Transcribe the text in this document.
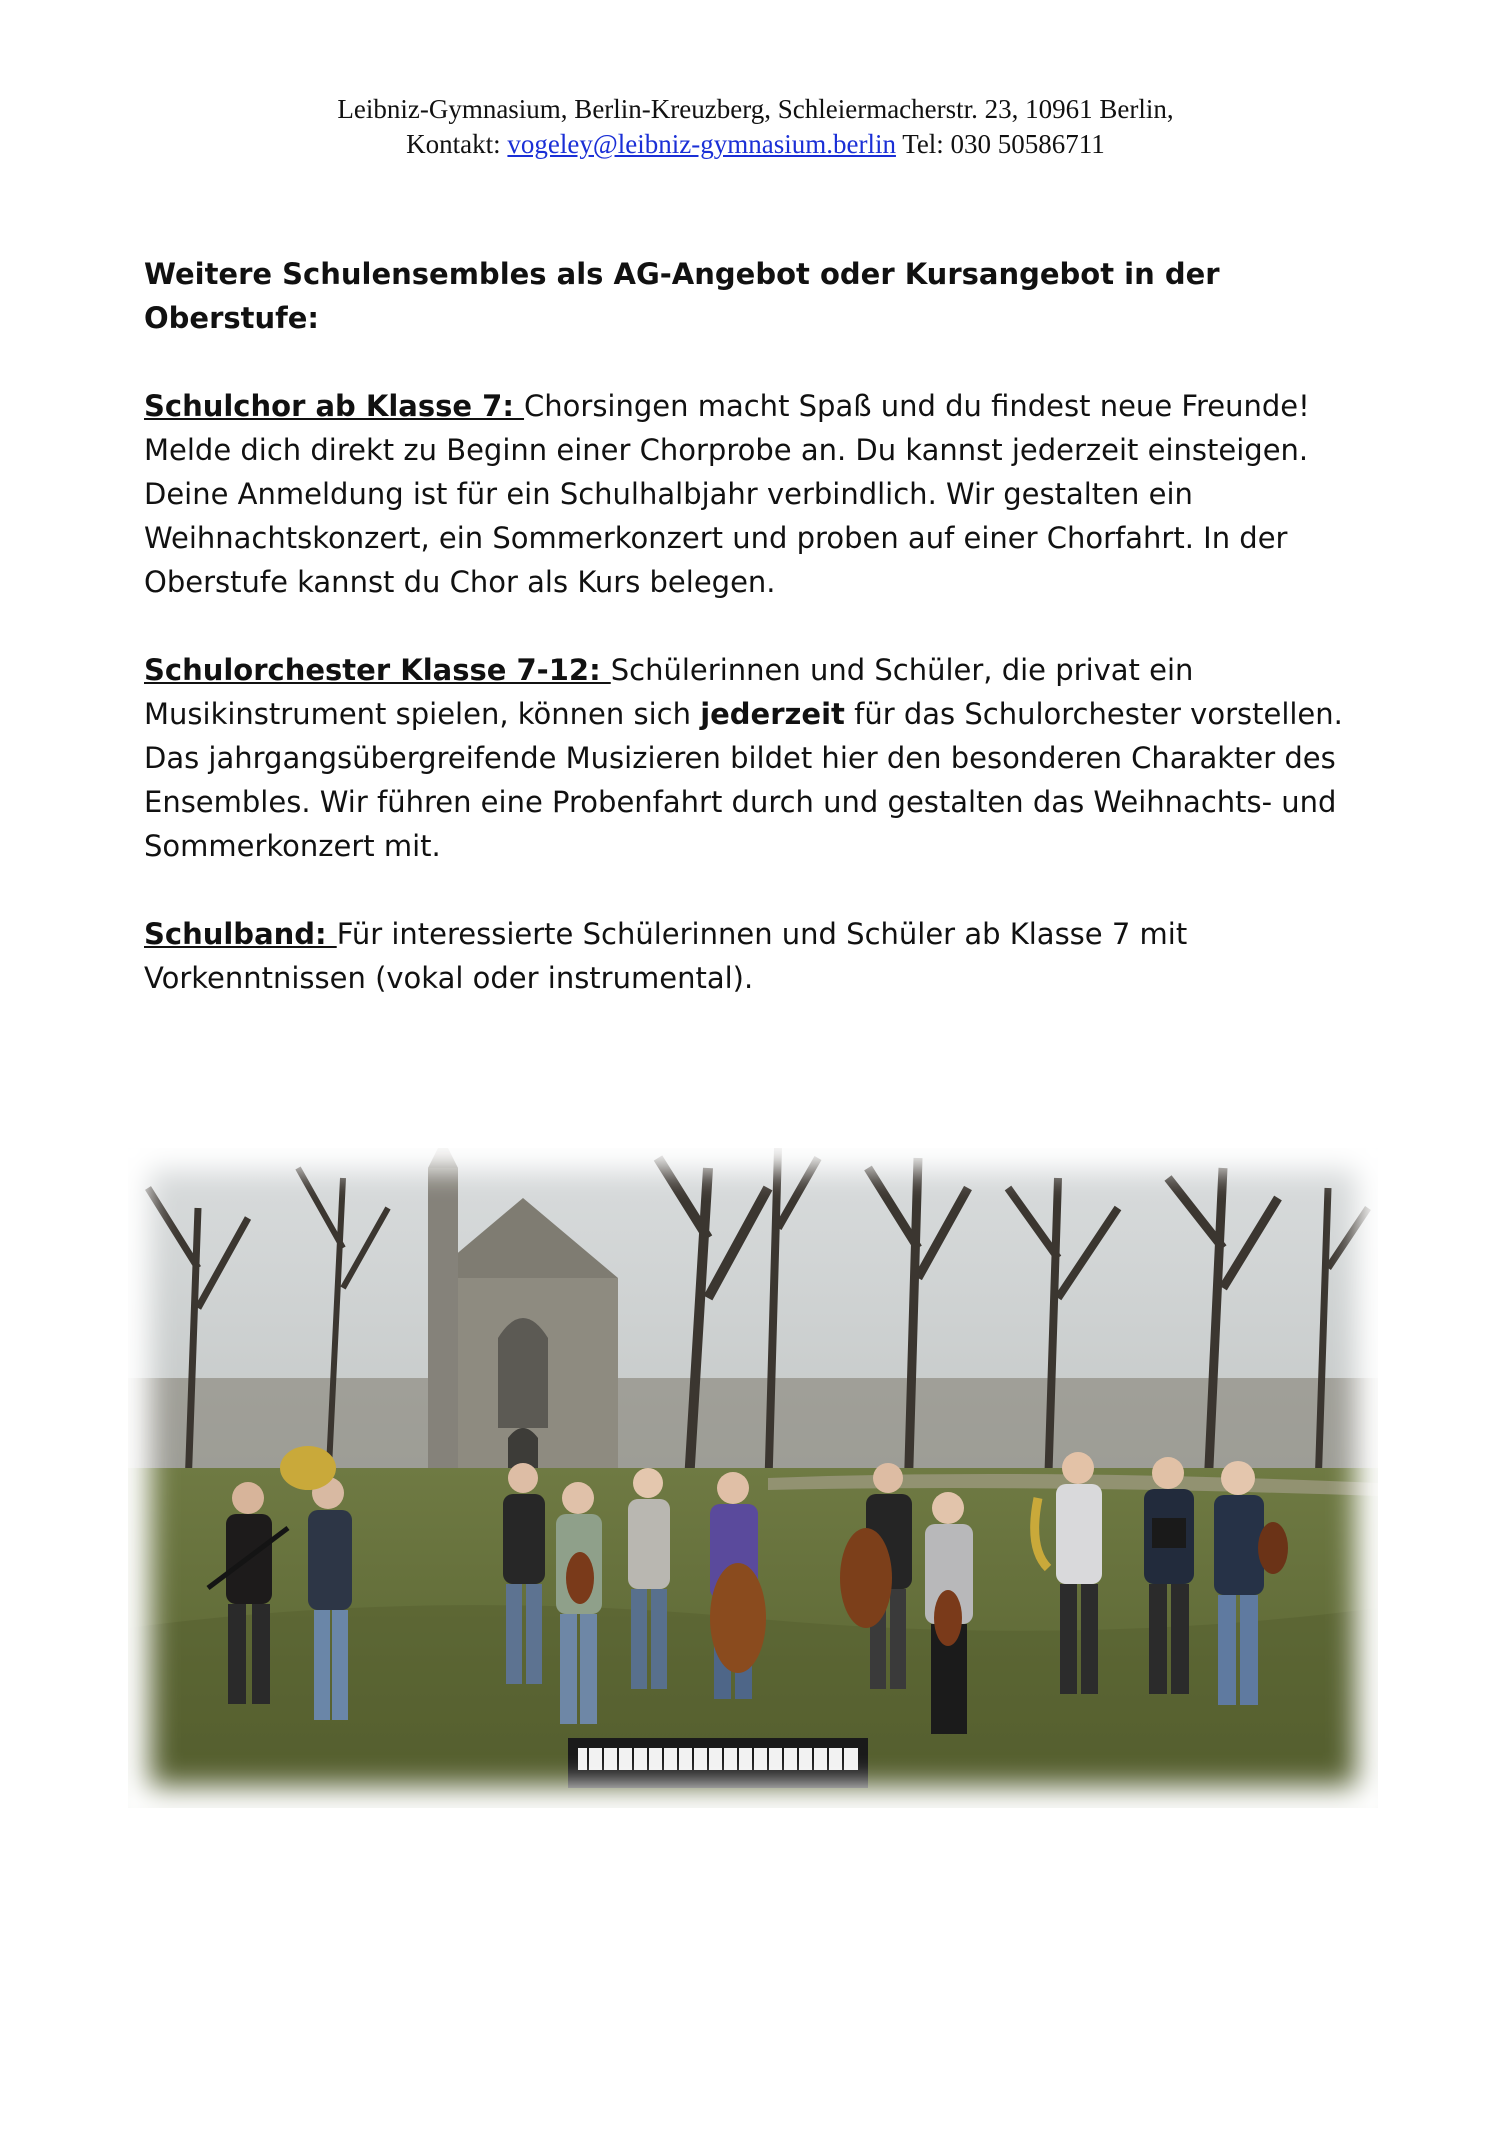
Leibniz-Gymnasium, Berlin-Kreuzberg, Schleiermacherstr. 23, 10961 Berlin,
Kontakt: vogeley@leibniz-gymnasium.berlin Tel: 030 50586711
Weitere Schulensembles als AG-Angebot oder Kursangebot in der Oberstufe:
Schulchor ab Klasse 7: Chorsingen macht Spaß und du findest neue Freunde! Melde dich direkt zu Beginn einer Chorprobe an. Du kannst jederzeit einsteigen. Deine Anmeldung ist für ein Schulhalbjahr verbindlich. Wir gestalten ein Weihnachtskonzert, ein Sommerkonzert und proben auf einer Chorfahrt. In der Oberstufe kannst du Chor als Kurs belegen.
Schulorchester Klasse 7-12: Schülerinnen und Schüler, die privat ein Musikinstrument spielen, können sich jederzeit für das Schulorchester vorstellen. Das jahrgangsübergreifende Musizieren bildet hier den besonderen Charakter des Ensembles. Wir führen eine Probenfahrt durch und gestalten das Weihnachts- und Sommerkonzert mit.
Schulband: Für interessierte Schülerinnen und Schüler ab Klasse 7 mit Vorkenntnissen (vokal oder instrumental).
